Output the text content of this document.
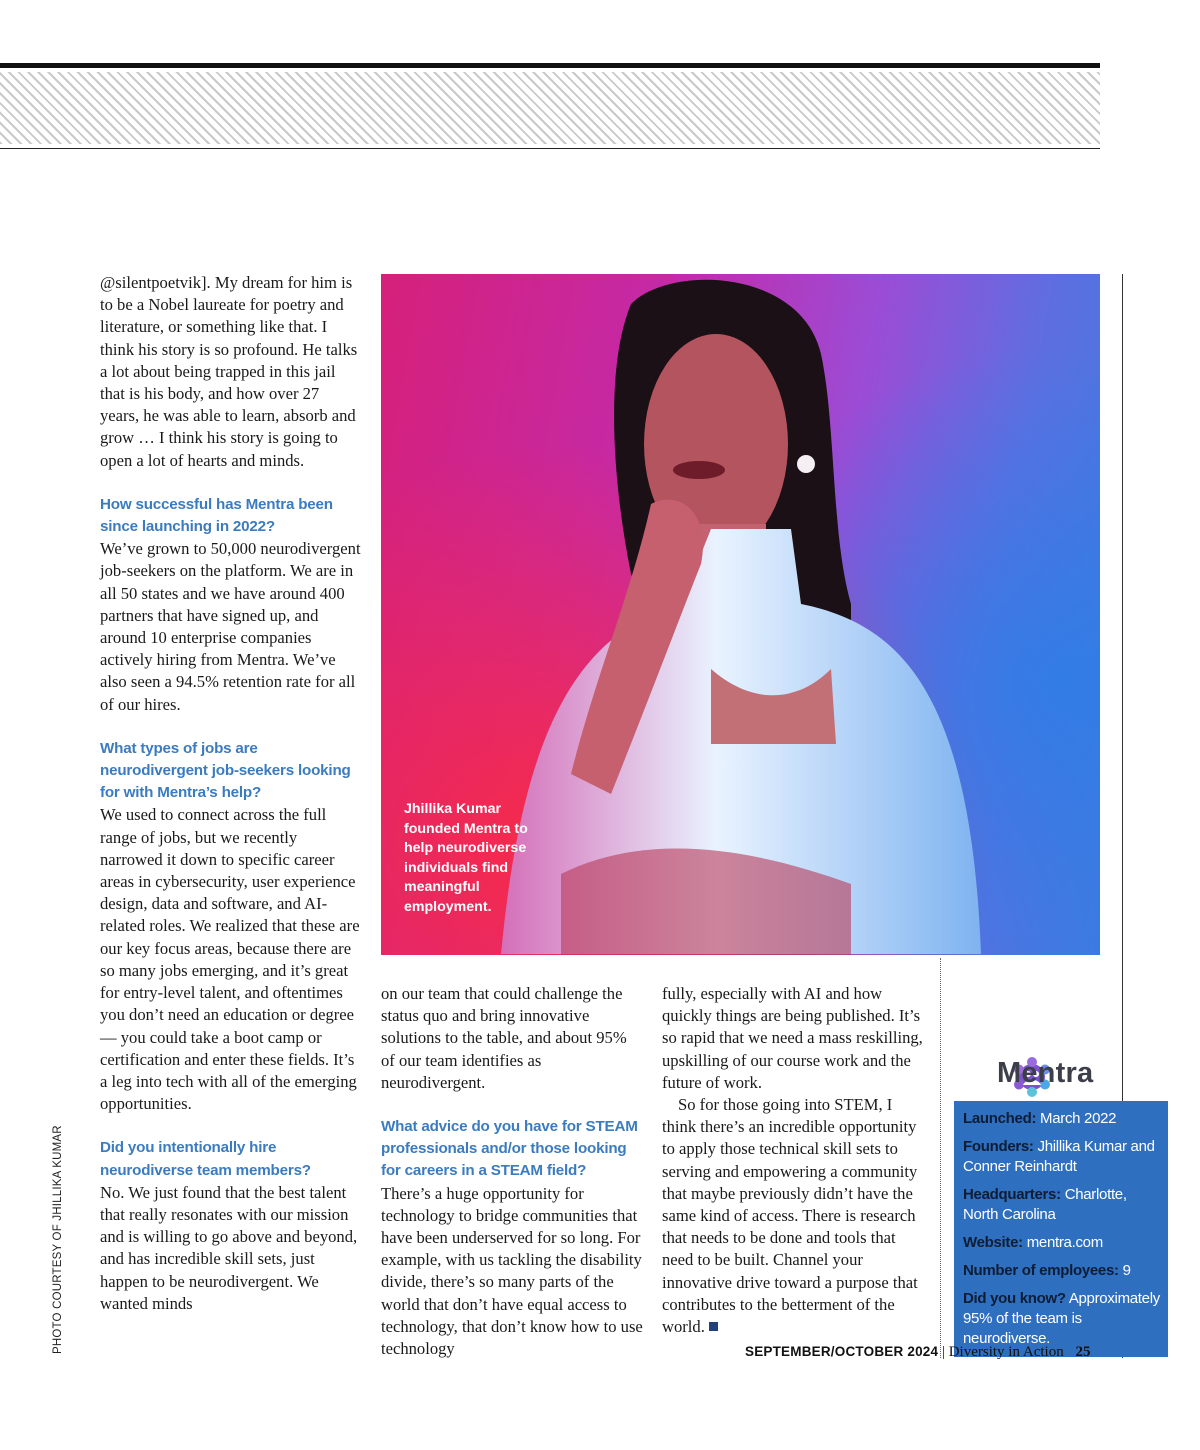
Jhillika Kumar founded Mentra to help neurodiverse individuals find meaningful employment.
PHOTO COURTESY OF JHILLIKA KUMAR

@silentpoetvik]. My dream for him is to be a Nobel laureate for poetry and literature, or something like that. I think his story is so profound. He talks a lot about being trapped in this jail that is his body, and how over 27 years, he was able to learn, absorb and grow … I think his story is going to open a lot of hearts and minds.

How successful has Mentra been since launching in 2022?

We’ve grown to 50,000 neurodivergent job-seekers on the platform. We are in all 50 states and we have around 400 partners that have signed up, and around 10 enterprise companies actively hiring from Mentra. We’ve also seen a 94.5% retention rate for all of our hires.

What types of jobs are neurodivergent job-seekers looking for with Mentra’s help?

We used to connect across the full range of jobs, but we recently narrowed it down to specific career areas in cybersecurity, user experience design, data and software, and AI-related roles. We realized that these are our key focus areas, because there are so many jobs emerging, and it’s great for entry-level talent, and oftentimes you don’t need an education or degree — you could take a boot camp or certification and enter these fields. It’s a leg into tech with all of the emerging opportunities.

Did you intentionally hire neurodiverse team members?

No. We just found that the best talent that really resonates with our mission and is willing to go above and beyond, and has incredible skill sets, just happen to be neurodivergent. We wanted minds

on our team that could challenge the status quo and bring innovative solutions to the table, and about 95% of our team identifies as neurodivergent.

What advice do you have for STEAM professionals and/or those looking for careers in a STEAM field?

There’s a huge opportunity for technology to bridge communities that have been underserved for so long. For example, with us tackling the disability divide, there’s so many parts of the world that don’t have equal access to technology, that don’t know how to use technology

fully, especially with AI and how quickly things are being published. It’s so rapid that we need a mass reskilling, upskilling of our course work and the future of work.

So for those going into STEM, I think there’s an incredible opportunity to apply those technical skill sets to serving and empowering a community that maybe previously didn’t have the same kind of access. There is research that needs to be done and tools that need to be built. Channel your innovative drive toward a purpose that contributes to the betterment of the world.

Mentra
Launched: March 2022
Founders: Jhillika Kumar and Conner Reinhardt
Headquarters: Charlotte, North Carolina
Website: mentra.com
Number of employees: 9
Did you know? Approximately 95% of the team is neurodiverse.
SEPTEMBER/OCTOBER 2024 | Diversity in Action 25
